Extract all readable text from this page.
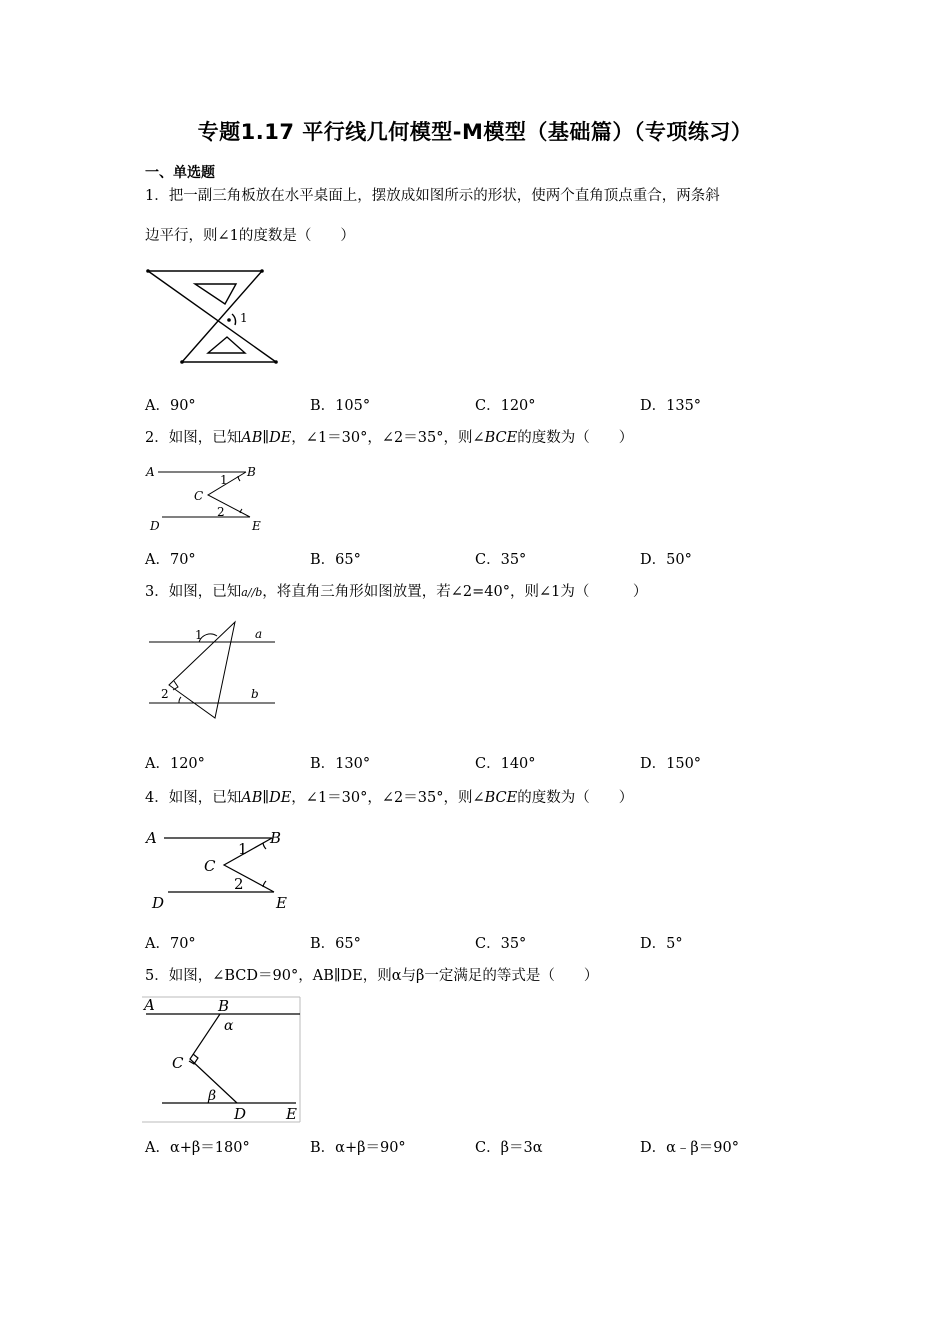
专题1.17 平行线几何模型-M模型（基础篇）（专项练习）
一、单选题
1．把一副三角板放在水平桌面上，摆放成如图所示的形状，使两个直角顶点重合，两条斜
边平行，则∠1的度数是（　　）
1
A．90°	B．105°	C．120°	D．135°
2．如图，已知AB∥DE，∠1＝30°，∠2＝35°，则∠BCE的度数为（　　）
A	B
C
D	E
1
2
A．70°	B．65°	C．35°	D．50°
3．如图，已知a//b，将直角三角形如图放置，若∠2=40°，则∠1为（　　　）
a
b
1
2
A．120°	B．130°	C．140°	D．150°
4．如图，已知AB∥DE，∠1＝30°，∠2＝35°，则∠BCE的度数为（　　）
A	B
C
D	E
1
2
A．70°	B．65°	C．35°	D．5°
5．如图，∠BCD＝90°，AB∥DE，则α与β一定满足的等式是（　　）
A	B
C
D	E
α
β
A．α+β＝180°	B．α+β＝90°	C．β＝3α	D．α﹣β＝90°
